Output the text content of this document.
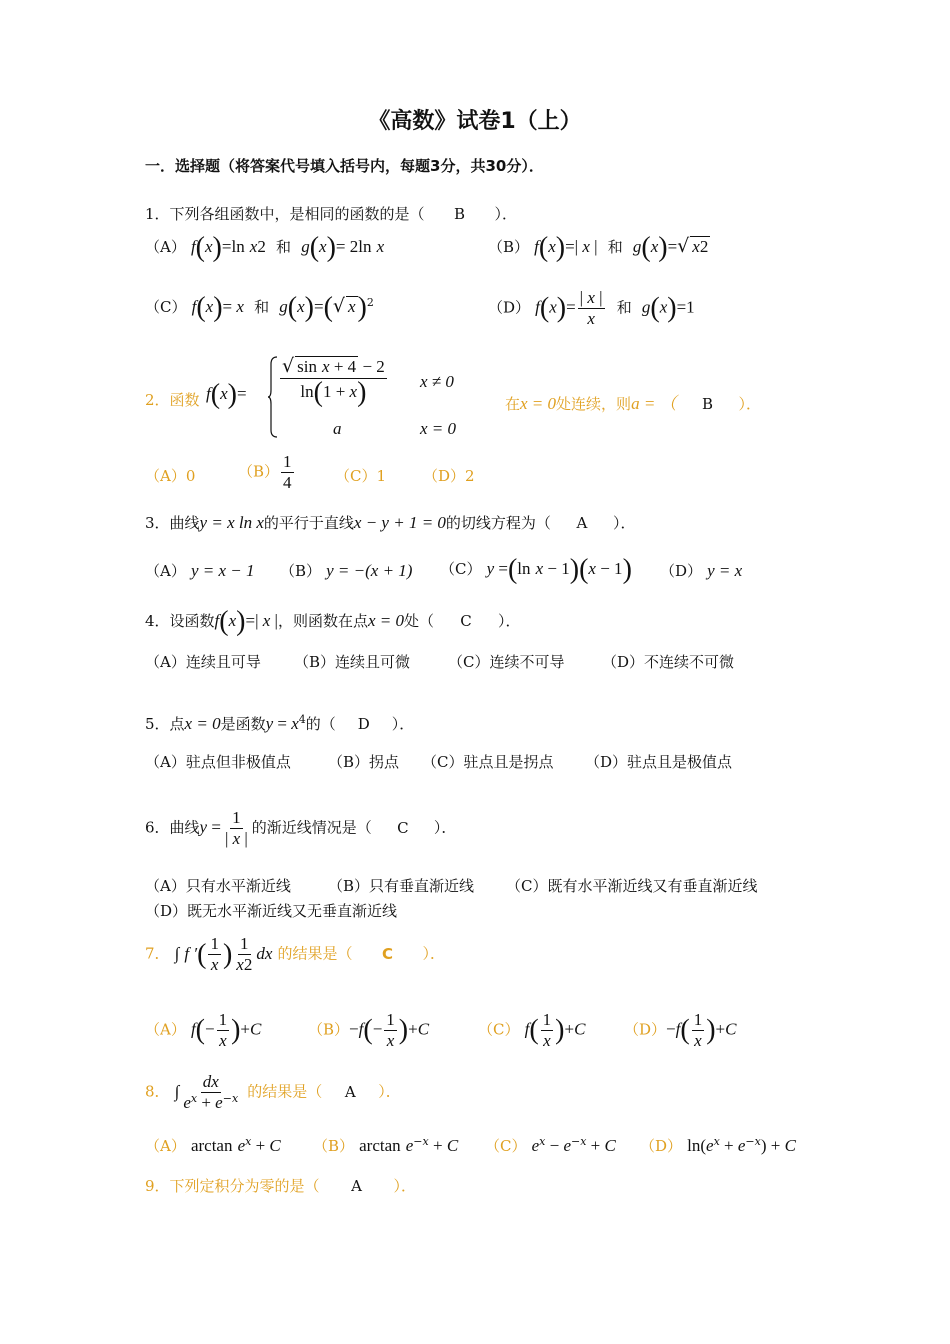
《高数》试卷1（上）
一．选择题（将答案代号填入括号内，每题3分，共30分）．
1．下列各组函数中，是相同的函数的是（ B ）．
（A） f(x)=ln x2 和 g(x)= 2ln x	（B） f(x)=| x | 和 g(x)=√ x2
（C） f(x)= x 和 g(x)=(√ x)$^2$	（D） $f(x)= \frac{| x |}{x}$ 和 g(x)=1
2．函数 $f(x)= \frac{\text{√ sin x + 4 − 2}}{\ln(1 + x)}$ x ≠ 0
a	x = 0
在x = 0处连续，则a = （ B ）．
（A）0	$(B) \frac{1}{4}$	（C）1 （D）2
3．曲线y = x ln x的平行于直线x − y + 1 = 0的切线方程为（ A ）．
（A） y = x − 1 （B） y = −(x + 1) （C） y =(ln x − 1)(x − 1) （D） y = x
4．设函数f(x)=| x |，则函数在点x = 0处（ C ）．
（A）连续且可导 （B）连续且可微	（C）连续不可导	（D）不连续不可微
5．点x = 0是函数$y = x^4$的（ D ）．
（A）驻点但非极值点 （B）拐点 （C）驻点且是拐点 （D）驻点且是极值点
6．曲线$y = \frac{1}{| x |}$ 的渐近线情况是（ C ）．
（A）只有水平渐近线 （B）只有垂直渐近线 （C）既有水平渐近线又有垂直渐近线
（D）既无水平渐近线又无垂直渐近线
7． ∫ f ′( $\frac{1}{x}$ ) $\frac{1}{x2}$ dx 的结果是（ C ）．
（A） $f(- \frac{1}{x} )+C$	$(B)-f(- \frac{1}{x} )+C$	（C） $f( \frac{1}{x} )+C$	$(D)-f( \frac{1}{x} )+C$
8． ∫ $\frac{dx}{e^x + e^{-x}}$ 的结果是（ A ）．
（A） $\arctan e^x + C$ （B） $\arctan e^{-x} + C$ （C） $e^x - e^{-x} + C$ （D） $\ln(e^x + e^{-x}) + C$
9．下列定积分为零的是（ A ）．
